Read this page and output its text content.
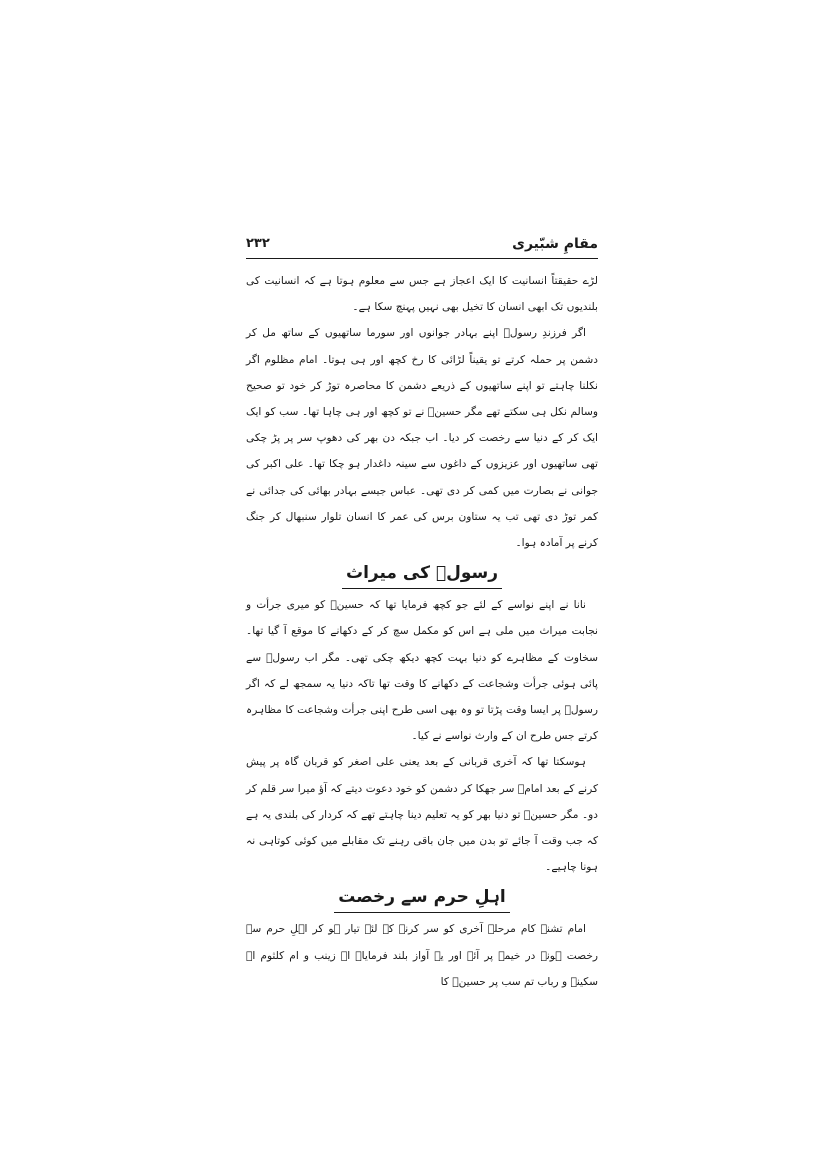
مقامِ شبّیری
۲۳۲

لڑے حقیقتاً انسانیت کا ایک اعجاز ہے جس سے معلوم ہوتا ہے کہ انسانیت کی بلندیوں تک ابھی انسان کا تخیل بھی نہیں پہنچ سکا ہے۔

اگر فرزندِ رسولؐ اپنے بہادر جوانوں اور سورما ساتھیوں کے ساتھ مل کر دشمن پر حملہ کرتے تو یقیناً لڑائی کا رخ کچھ اور ہی ہوتا۔ امام مظلوم اگر نکلنا چاہتے تو اپنے ساتھیوں کے ذریعے دشمن کا محاصرہ توڑ کر خود تو صحیح وسالم نکل ہی سکتے تھے مگر حسینؑ نے تو کچھ اور ہی چاہا تھا۔ سب کو ایک ایک کر کے دنیا سے رخصت کر دیا۔ اب جبکہ دن بھر کی دھوپ سر پر پڑ چکی تھی ساتھیوں اور عزیزوں کے داغوں سے سینہ داغدار ہو چکا تھا۔ علی اکبر کی جوانی نے بصارت میں کمی کر دی تھی۔ عباس جیسے بہادر بھائی کی جدائی نے کمر توڑ دی تھی تب یہ ستاون برس کی عمر کا انسان تلوار سنبھال کر جنگ کرنے پر آمادہ ہوا۔

رسولؐ کی میراث

نانا نے اپنے نواسے کے لئے جو کچھ فرمایا تھا کہ حسینؑ کو میری جرأت و نجابت میراث میں ملی ہے اس کو مکمل سچ کر کے دکھانے کا موقع آ گیا تھا۔ سخاوت کے مظاہرے کو دنیا بہت کچھ دیکھ چکی تھی۔ مگر اب رسولؐ سے پائی ہوئی جرأت وشجاعت کے دکھانے کا وقت تھا تاکہ دنیا یہ سمجھ لے کہ اگر رسولؐ پر ایسا وقت پڑتا تو وہ بھی اسی طرح اپنی جرأت وشجاعت کا مظاہرہ کرتے جس طرح ان کے وارث نواسے نے کیا۔

ہوسکتا تھا کہ آخری قربانی کے بعد یعنی علی اصغر کو قربان گاہ پر پیش کرنے کے بعد امامؑ سر جھکا کر دشمن کو خود دعوت دیتے کہ آؤ میرا سر قلم کر دو۔ مگر حسینؑ تو دنیا بھر کو یہ تعلیم دینا چاہتے تھے کہ کردار کی بلندی یہ ہے کہ جب وقت آ جائے تو بدن میں جان باقی رہنے تک مقابلے میں کوئی کوتاہی نہ ہونا چاہیے۔

اہلِ حرم سے رخصت

امام تشنہ کام مرحلۂ آخری کو سر کرنے کے لئے تیار ہو کر اہلِ حرم سے رخصت ہونے در خیمہ پر آئے اور یہ آواز بلند فرمایا۔ اے زینب و ام کلثوم اے سکینہ و رباب تم سب پر حسینؑ کا
